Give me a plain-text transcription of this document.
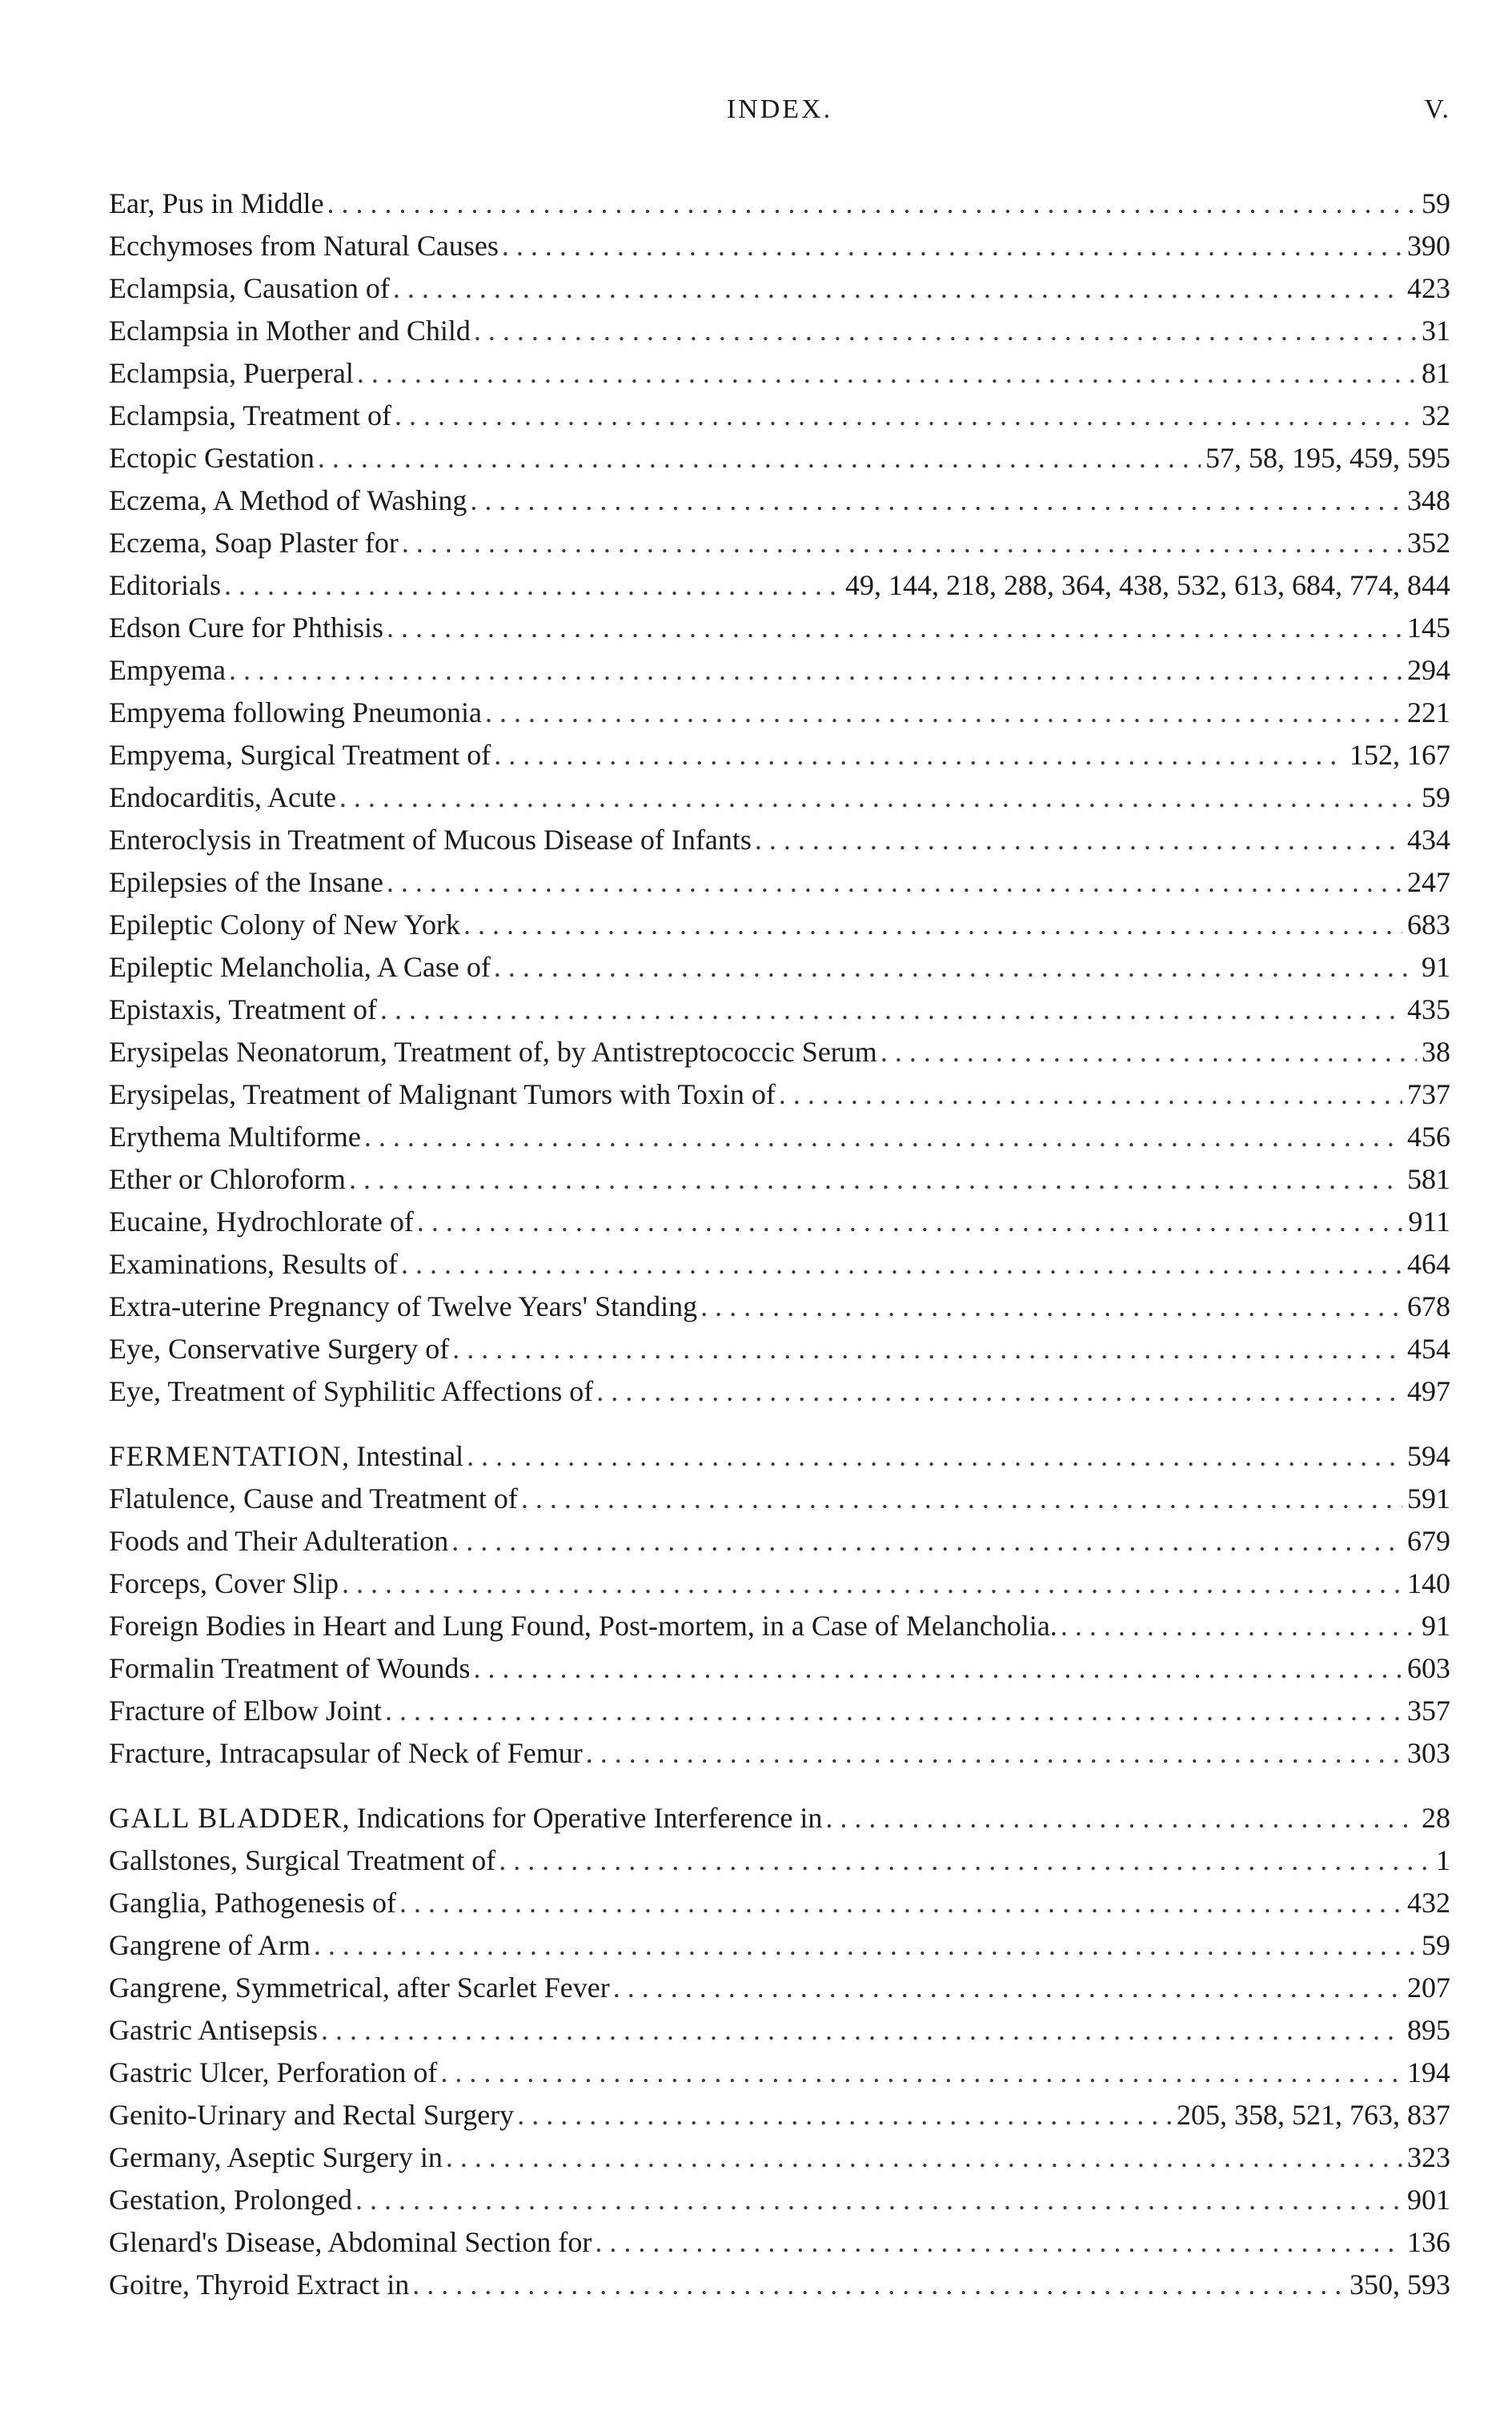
INDEX.	V.
Ear, Pus in Middle . . .	59
Ecchymoses from Natural Causes . . .	390
Eclampsia, Causation of . . .	423
Eclampsia in Mother and Child . . .	31
Eclampsia, Puerperal . . .	81
Eclampsia, Treatment of . . .	32
Ectopic Gestation . . .	57, 58, 195, 459, 595
Eczema, A Method of Washing . . .	348
Eczema, Soap Plaster for . . .	352
Editorials . . .	49, 144, 218, 288, 364, 438, 532, 613, 684, 774, 844
Edson Cure for Phthisis . . .	145
Empyema . . .	294
Empyema following Pneumonia . . .	221
Empyema, Surgical Treatment of . . .	152, 167
Endocarditis, Acute . . .	59
Enteroclysis in Treatment of Mucous Disease of Infants . . .	434
Epilepsies of the Insane . . .	247
Epileptic Colony of New York . . .	683
Epileptic Melancholia, A Case of . . .	91
Epistaxis, Treatment of . . .	435
Erysipelas Neonatorum, Treatment of, by Antistreptococcic Serum . . .	38
Erysipelas, Treatment of Malignant Tumors with Toxin of . . .	737
Erythema Multiforme . . .	456
Ether or Chloroform . . .	581
Eucaine, Hydrochlorate of . . .	911
Examinations, Results of . . .	464
Extra-uterine Pregnancy of Twelve Years' Standing . . .	678
Eye, Conservative Surgery of . . .	454
Eye, Treatment of Syphilitic Affections of . . .	497
FERMENTATION, Intestinal . . .	594
Flatulence, Cause and Treatment of . . .	591
Foods and Their Adulteration . . .	679
Forceps, Cover Slip . . .	140
Foreign Bodies in Heart and Lung Found, Post-mortem, in a Case of Melancholia. . . .	91
Formalin Treatment of Wounds . . .	603
Fracture of Elbow Joint . . .	357
Fracture, Intracapsular of Neck of Femur . . .	303
GALL BLADDER, Indications for Operative Interference in . . .	28
Gallstones, Surgical Treatment of . . .	1
Ganglia, Pathogenesis of . . .	432
Gangrene of Arm . . .	59
Gangrene, Symmetrical, after Scarlet Fever . . .	207
Gastric Antisepsis . . .	895
Gastric Ulcer, Perforation of . . .	194
Genito-Urinary and Rectal Surgery . . .	205, 358, 521, 763, 837
Germany, Aseptic Surgery in . . .	323
Gestation, Prolonged . . .	901
Glenard's Disease, Abdominal Section for . . .	136
Goitre, Thyroid Extract in . . .	350, 593
